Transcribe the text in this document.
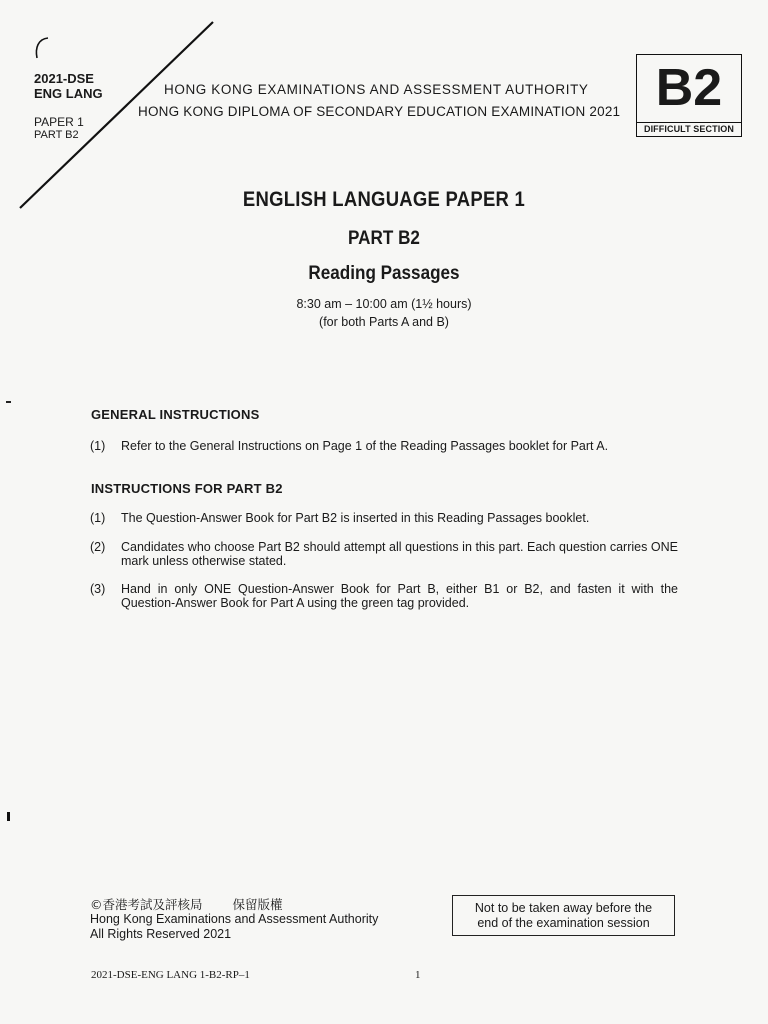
2021-DSE
ENG LANG
PAPER 1
PART B2
HONG KONG EXAMINATIONS AND ASSESSMENT AUTHORITY
HONG KONG DIPLOMA OF SECONDARY EDUCATION EXAMINATION 2021 B2
DIFFICULT SECTION
ENGLISH LANGUAGE PAPER 1
PART B2
Reading Passages
8:30 am – 10:00 am (1½ hours)
(for both Parts A and B)
GENERAL INSTRUCTIONS
(1)	Refer to the General Instructions on Page 1 of the Reading Passages booklet for Part A.
INSTRUCTIONS FOR PART B2
(1)	The Question-Answer Book for Part B2 is inserted in this Reading Passages booklet.
(2)	Candidates who choose Part B2 should attempt all questions in this part. Each question carries ONE mark unless otherwise stated.
(3)	Hand in only ONE Question-Answer Book for Part B, either B1 or B2, and fasten it with the Question-Answer Book for Part A using the green tag provided.
©香港考試及評核局 保留版權
Hong Kong Examinations and Assessment Authority
All Rights Reserved 2021
Not to be taken away before the
end of the examination session
2021-DSE-ENG LANG 1-B2-RP–1	1
